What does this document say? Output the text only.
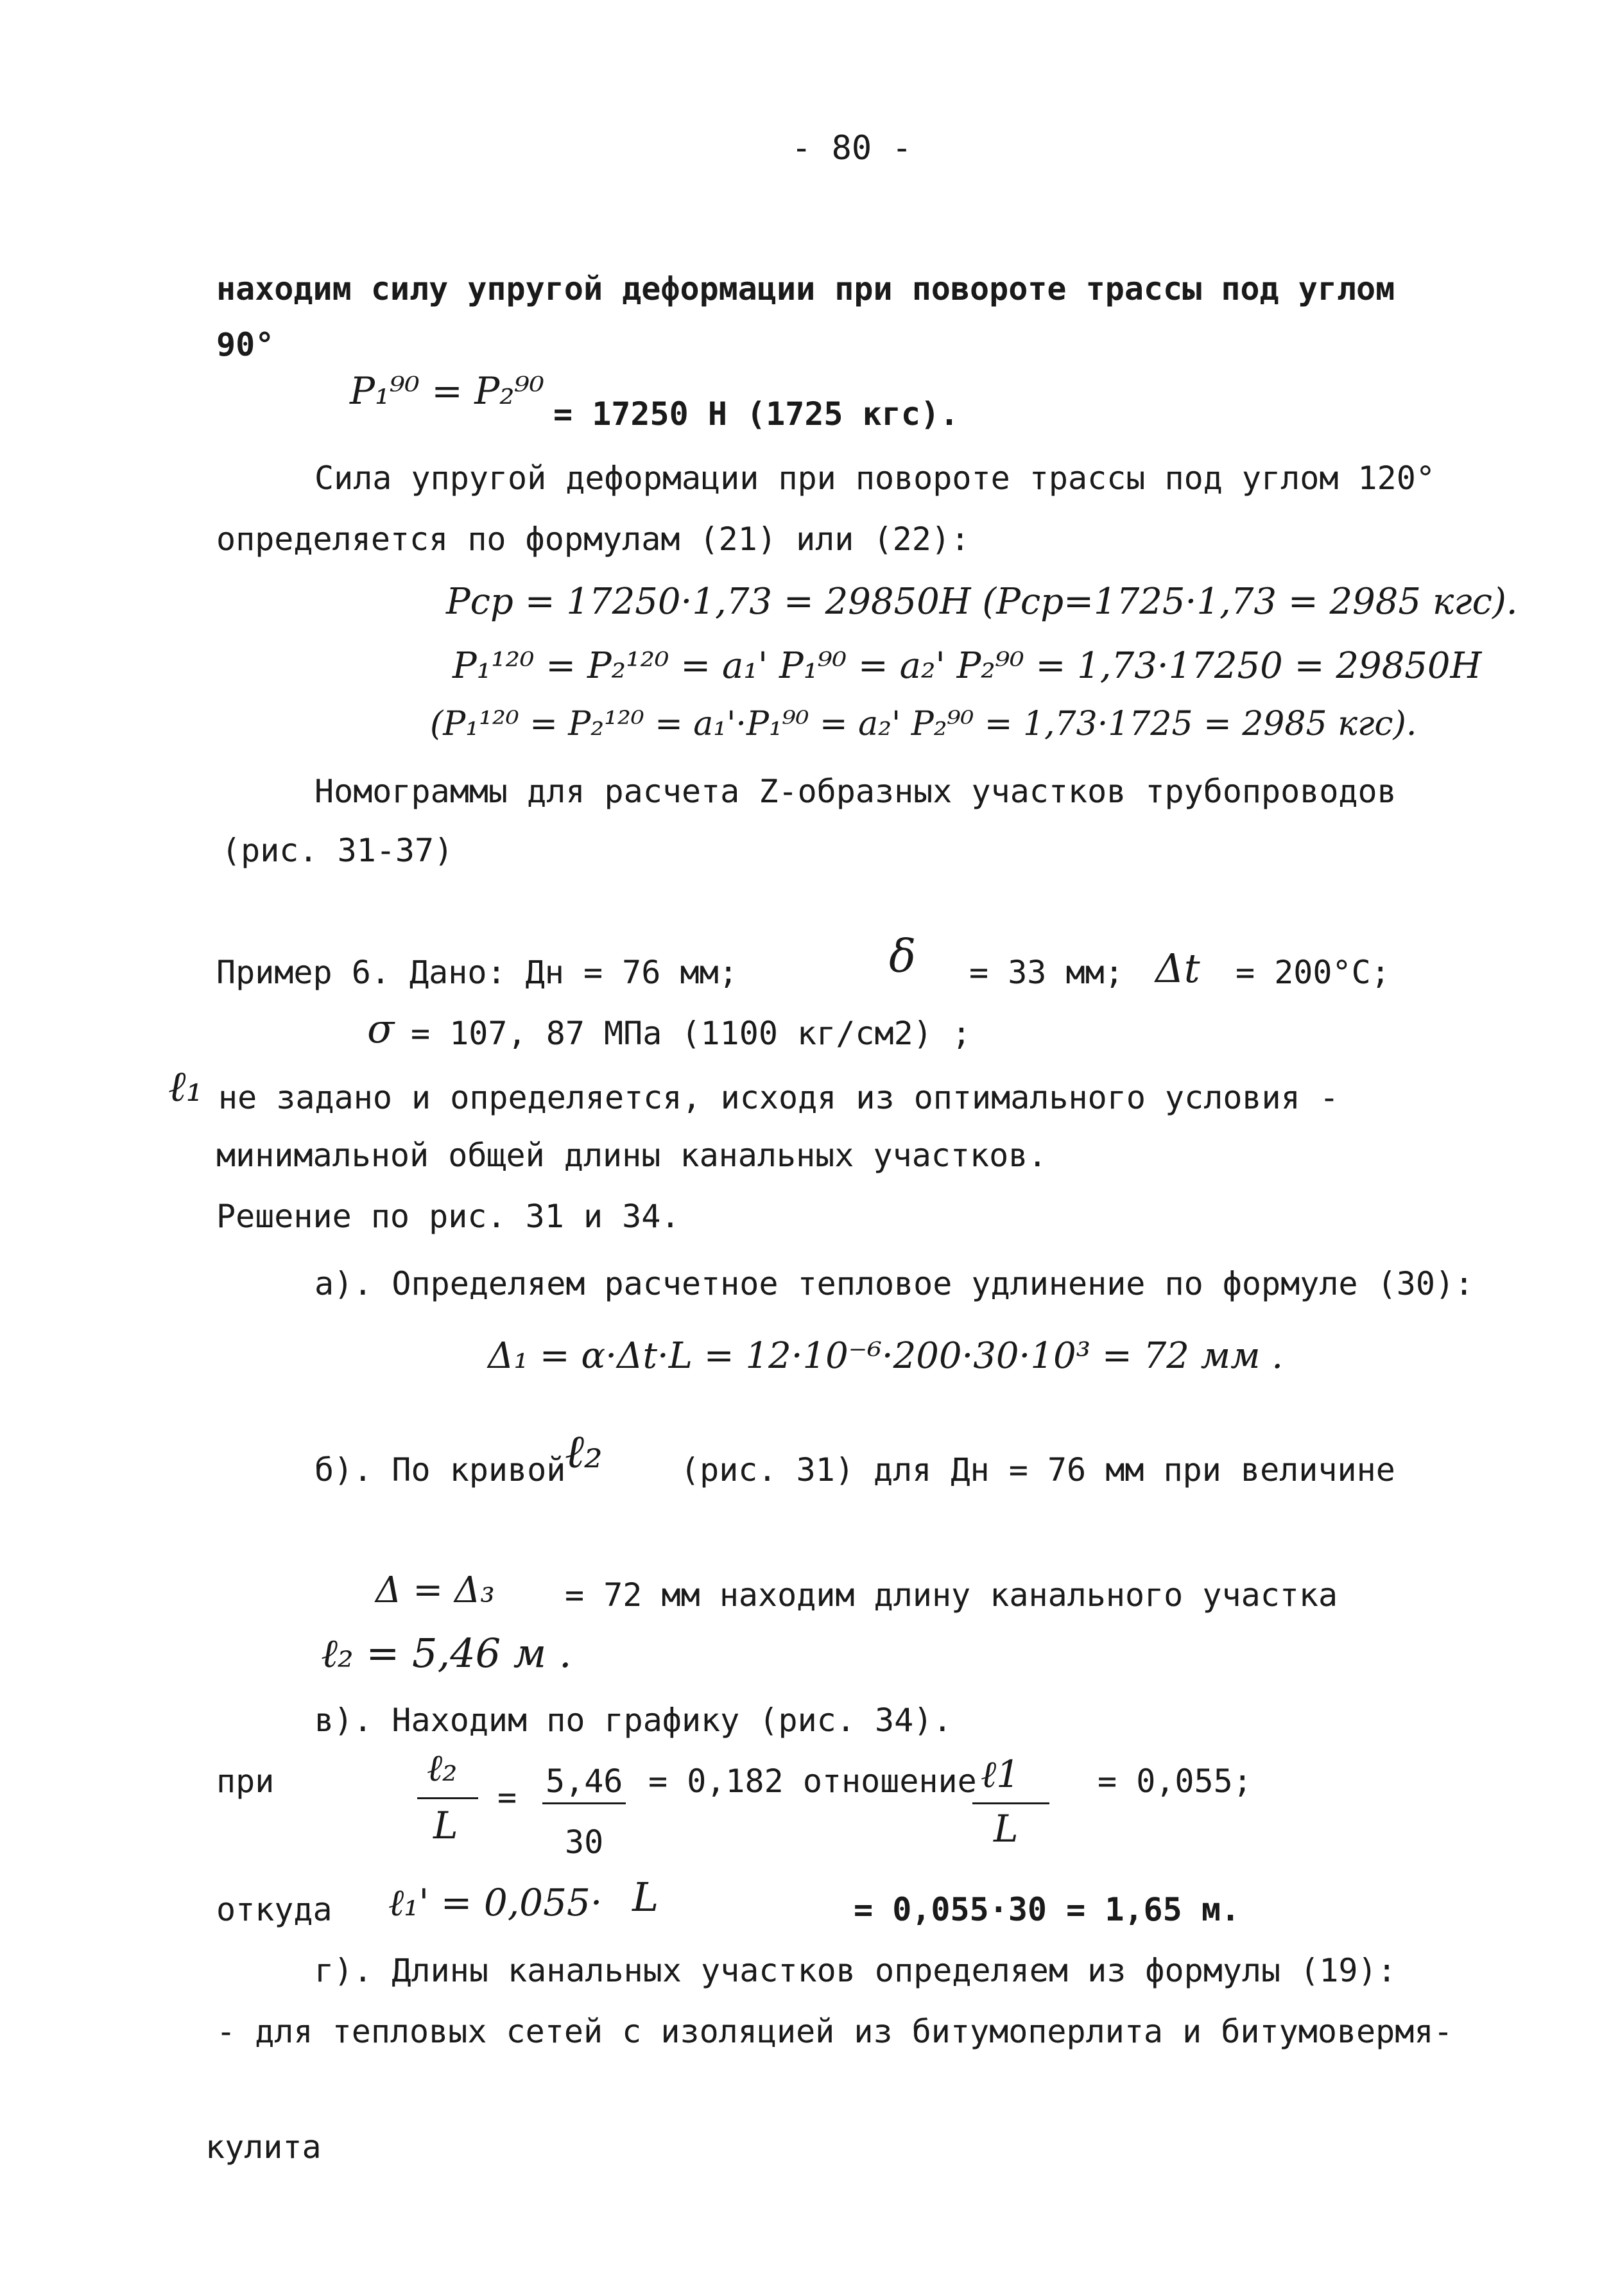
- 80 -
находим силу упругой деформации при повороте трассы под углом
90°
P₁⁹⁰ = P₂⁹⁰
= 17250 Н (1725 кгс).
Сила упругой деформации при повороте трассы под углом 120°
определяется по формулам (21) или (22):
Pcp = 17250·1,73 = 29850Н (Pcp=1725·1,73 = 2985 кгс).
P₁¹²⁰ = P₂¹²⁰ = a₁' P₁⁹⁰ = a₂' P₂⁹⁰ = 1,73·17250 = 29850Н
(P₁¹²⁰ = P₂¹²⁰ = a₁'·P₁⁹⁰ = a₂' P₂⁹⁰ = 1,73·1725 = 2985 кгс).
Номограммы для расчета Z-образных участков трубопроводов
(рис. 31-37)
Пример 6. Дано: Дн = 76 мм;	δ = 33 мм; Δt = 200°C;
σ = 107, 87 МПа (1100 кг/см2) ;
ℓ₁ не задано и определяется, исходя из оптимального условия -
минимальной общей длины канальных участков.
Решение по рис. 31 и 34.
а). Определяем расчетное тепловое удлинение по формуле (30):
Δ₁ = α·Δt·L = 12·10⁻⁶·200·30·10³ = 72 мм .
б). По кривой
ℓ₂ (рис. 31) для Дн = 76 мм при величине
Δ = Δ₃ = 72 мм находим длину канального участка
ℓ₂ = 5,46 м .
в). Находим по графику (рис. 34).
при	ℓ₂
L
= 5,46
30
= 0,182 отношение ℓ1
L
= 0,055;
откуда ℓ₁' = 0,055· L	= 0,055·30 = 1,65 м.
г). Длины канальных участков определяем из формулы (19):
- для тепловых сетей с изоляцией из битумоперлита и битумовермя-
кулита
